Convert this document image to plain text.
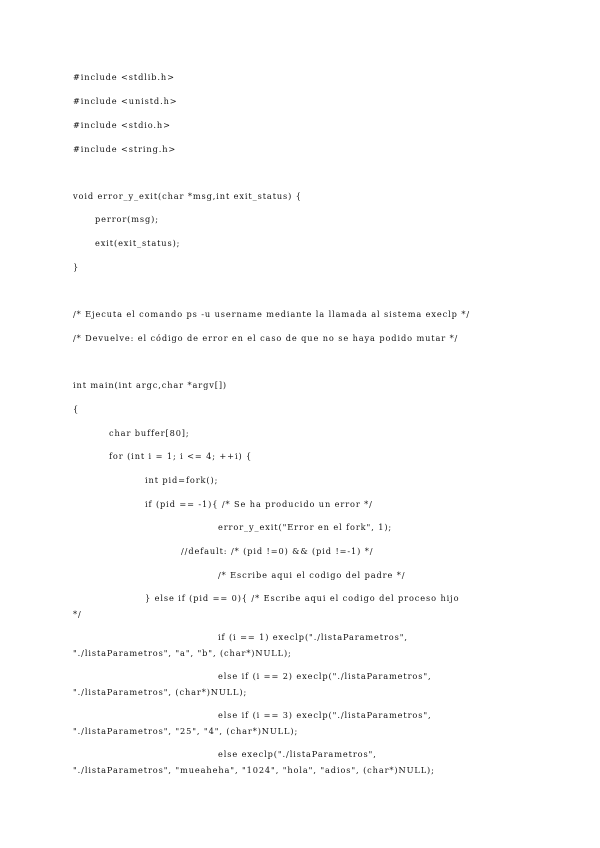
#include <stdlib.h>

#include <unistd.h>

#include <stdio.h>

#include <string.h>

void error_y_exit(char *msg,int exit_status) {

perror(msg);

exit(exit_status);

}

/* Ejecuta el comando ps -u username mediante la llamada al sistema execlp */

/* Devuelve: el código de error en el caso de que no se haya podido mutar */

int main(int argc,char *argv[])

{

char buffer[80];

for (int i = 1; i <= 4; ++i) {

int pid=fork();

if (pid == -1){ /* Se ha producido un error */

error_y_exit("Error en el fork", 1);

//default: /* (pid !=0) && (pid !=-1) */

/* Escribe aqui el codigo del padre */

} else if (pid == 0){ /* Escribe aqui el codigo del proceso hijo

*/

if (i == 1) execlp("./listaParametros",

"./listaParametros", "a", "b", (char*)NULL);

else if (i == 2) execlp("./listaParametros",

"./listaParametros", (char*)NULL);

else if (i == 3) execlp("./listaParametros",

"./listaParametros", "25", "4", (char*)NULL);

else execlp("./listaParametros",

"./listaParametros", "mueaheha", "1024", "hola", "adios", (char*)NULL);
